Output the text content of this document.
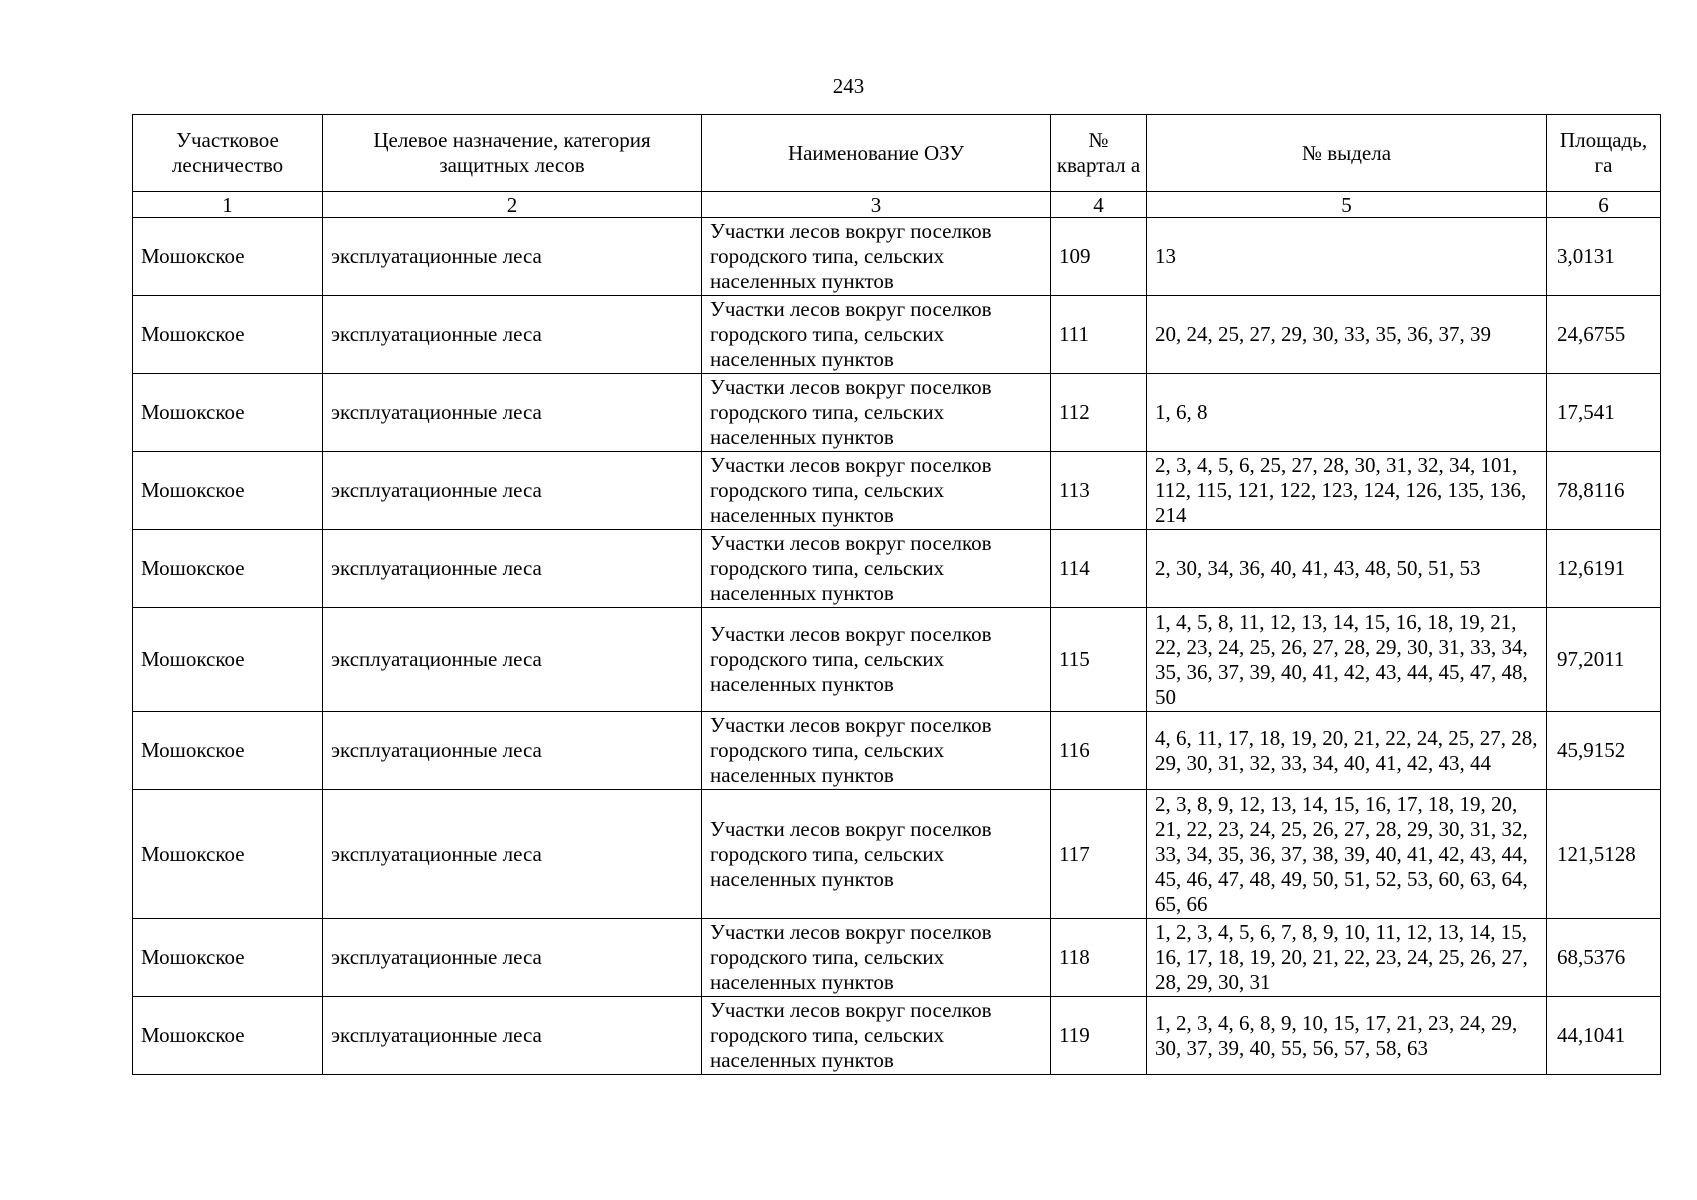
243
Участковое лесничество	Целевое назначение, категория защитных лесов	Наименование ОЗУ	№ квартал а	№ выдела	Площадь, га
1	2	3	4	5	6
Мошокское	эксплуатационные леса	Участки лесов вокруг поселков городского типа, сельских населенных пунктов	109	13	3,0131
Мошокское	эксплуатационные леса	Участки лесов вокруг поселков городского типа, сельских населенных пунктов	111	20, 24, 25, 27, 29, 30, 33, 35, 36, 37, 39	24,6755
Мошокское	эксплуатационные леса	Участки лесов вокруг поселков городского типа, сельских населенных пунктов	112	1, 6, 8	17,541
Мошокское	эксплуатационные леса	Участки лесов вокруг поселков городского типа, сельских населенных пунктов	113	2, 3, 4, 5, 6, 25, 27, 28, 30, 31, 32, 34, 101, 112, 115, 121, 122, 123, 124, 126, 135, 136, 214	78,8116
Мошокское	эксплуатационные леса	Участки лесов вокруг поселков городского типа, сельских населенных пунктов	114	2, 30, 34, 36, 40, 41, 43, 48, 50, 51, 53	12,6191
Мошокское	эксплуатационные леса	Участки лесов вокруг поселков городского типа, сельских населенных пунктов	115	1, 4, 5, 8, 11, 12, 13, 14, 15, 16, 18, 19, 21, 22, 23, 24, 25, 26, 27, 28, 29, 30, 31, 33, 34, 35, 36, 37, 39, 40, 41, 42, 43, 44, 45, 47, 48, 50	97,2011
Мошокское	эксплуатационные леса	Участки лесов вокруг поселков городского типа, сельских населенных пунктов	116	4, 6, 11, 17, 18, 19, 20, 21, 22, 24, 25, 27, 28, 29, 30, 31, 32, 33, 34, 40, 41, 42, 43, 44	45,9152
Мошокское	эксплуатационные леса	Участки лесов вокруг поселков городского типа, сельских населенных пунктов	117	2, 3, 8, 9, 12, 13, 14, 15, 16, 17, 18, 19, 20, 21, 22, 23, 24, 25, 26, 27, 28, 29, 30, 31, 32, 33, 34, 35, 36, 37, 38, 39, 40, 41, 42, 43, 44, 45, 46, 47, 48, 49, 50, 51, 52, 53, 60, 63, 64, 65, 66	121,5128
Мошокское	эксплуатационные леса	Участки лесов вокруг поселков городского типа, сельских населенных пунктов	118	1, 2, 3, 4, 5, 6, 7, 8, 9, 10, 11, 12, 13, 14, 15, 16, 17, 18, 19, 20, 21, 22, 23, 24, 25, 26, 27, 28, 29, 30, 31	68,5376
Мошокское	эксплуатационные леса	Участки лесов вокруг поселков городского типа, сельских населенных пунктов	119	1, 2, 3, 4, 6, 8, 9, 10, 15, 17, 21, 23, 24, 29, 30, 37, 39, 40, 55, 56, 57, 58, 63	44,1041
